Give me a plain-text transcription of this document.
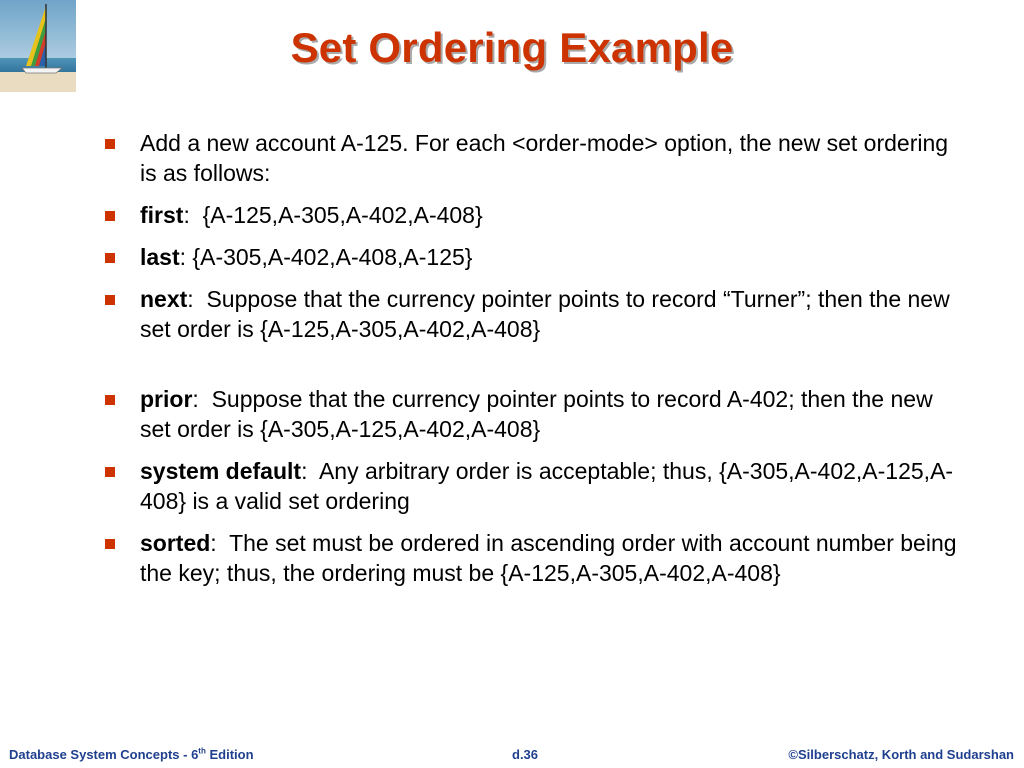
Set Ordering Example
Add a new account A-125. For each <order-mode> option, the new set ordering is as follows:
first:  {A-125,A-305,A-402,A-408}
last: {A-305,A-402,A-408,A-125}
next:  Suppose that the currency pointer points to record “Turner”; then the new set order is {A-125,A-305,A-402,A-408}
prior:  Suppose that the currency pointer points to record A-402; then the new set order is {A-305,A-125,A-402,A-408}
system default:  Any arbitrary order is acceptable; thus, {A-305,A-402,A-125,A-408} is a valid set ordering
sorted:  The set must be ordered in ascending order with account number being the key; thus, the ordering must be {A-125,A-305,A-402,A-408}
Database System Concepts - 6th Edition	d.36	©Silberschatz, Korth and Sudarshan
